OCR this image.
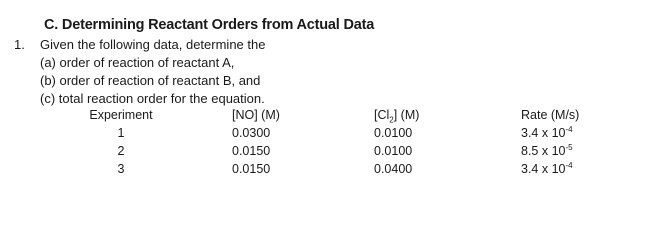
C. Determining Reactant Orders from Actual Data
1. Given the following data, determine the
(a) order of reaction of reactant A,
(b) order of reaction of reactant B, and
(c) total reaction order for the equation.
Experiment	[NO] (M)	$[Cl_2]$ (M)	Rate (M/s)
1	0.0300	0.0100	3.4 x $10^{-4}$
2	0.0150	0.0100	8.5 x $10^{-5}$
3	0.0150	0.0400	3.4 x $10^{-4}$
